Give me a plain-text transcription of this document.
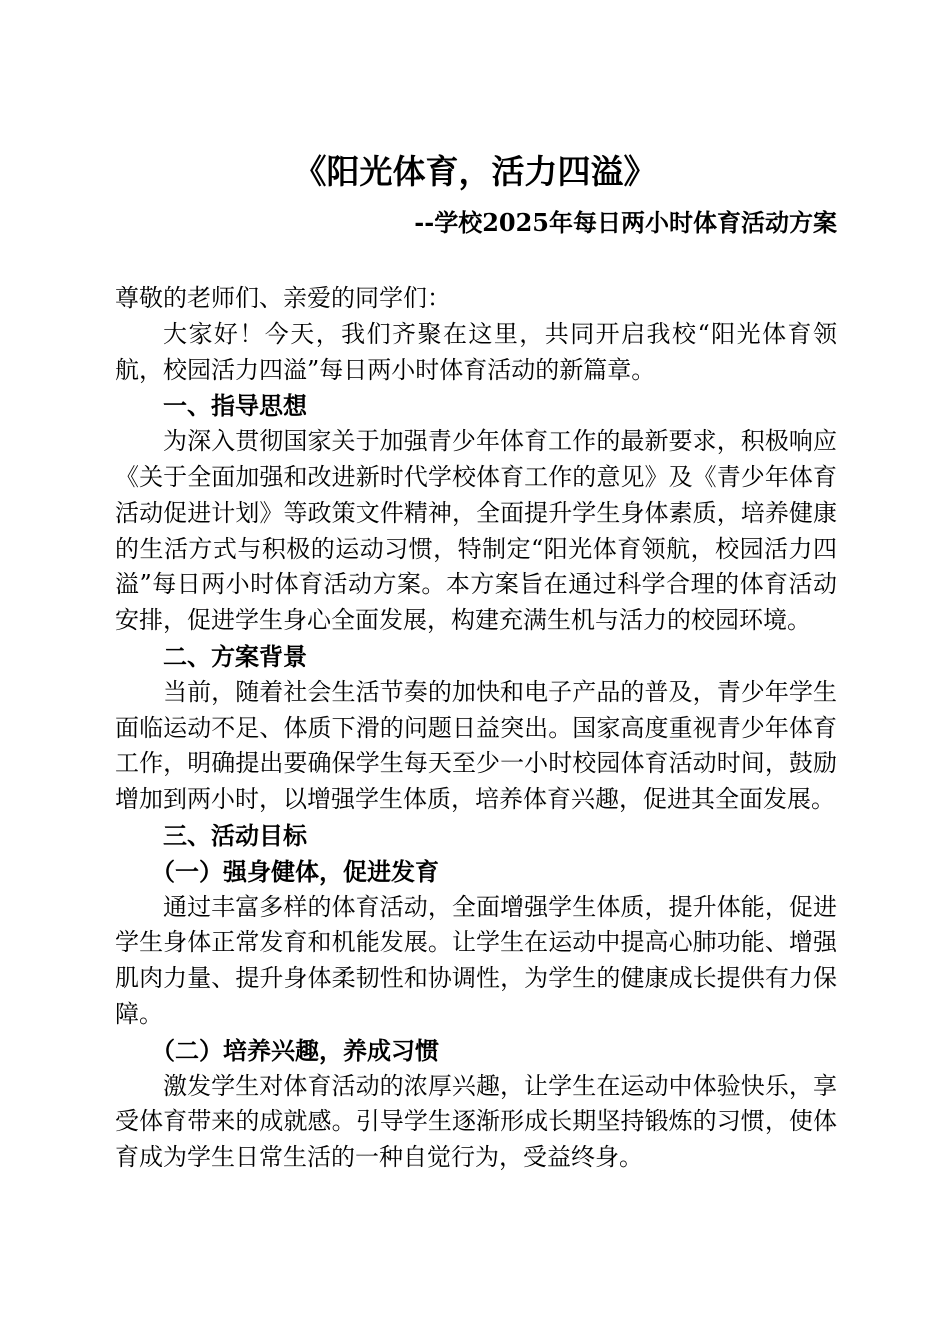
《阳光体育，活力四溢》
--学校2025年每日两小时体育活动方案

尊敬的老师们、亲爱的同学们：

大家好！今天，我们齐聚在这里，共同开启我校“阳光体育领航，校园活力四溢”每日两小时体育活动的新篇章。

一、指导思想

为深入贯彻国家关于加强青少年体育工作的最新要求，积极响应《关于全面加强和改进新时代学校体育工作的意见》及《青少年体育活动促进计划》等政策文件精神，全面提升学生身体素质，培养健康的生活方式与积极的运动习惯，特制定“阳光体育领航，校园活力四溢”每日两小时体育活动方案。本方案旨在通过科学合理的体育活动安排，促进学生身心全面发展，构建充满生机与活力的校园环境。

二、方案背景

当前，随着社会生活节奏的加快和电子产品的普及，青少年学生面临运动不足、体质下滑的问题日益突出。国家高度重视青少年体育工作，明确提出要确保学生每天至少一小时校园体育活动时间，鼓励增加到两小时，以增强学生体质，培养体育兴趣，促进其全面发展。

三、活动目标

（一）强身健体，促进发育

通过丰富多样的体育活动，全面增强学生体质，提升体能，促进学生身体正常发育和机能发展。让学生在运动中提高心肺功能、增强肌肉力量、提升身体柔韧性和协调性，为学生的健康成长提供有力保障。

（二）培养兴趣，养成习惯

激发学生对体育活动的浓厚兴趣，让学生在运动中体验快乐，享受体育带来的成就感。引导学生逐渐形成长期坚持锻炼的习惯，使体育成为学生日常生活的一种自觉行为，受益终身。
